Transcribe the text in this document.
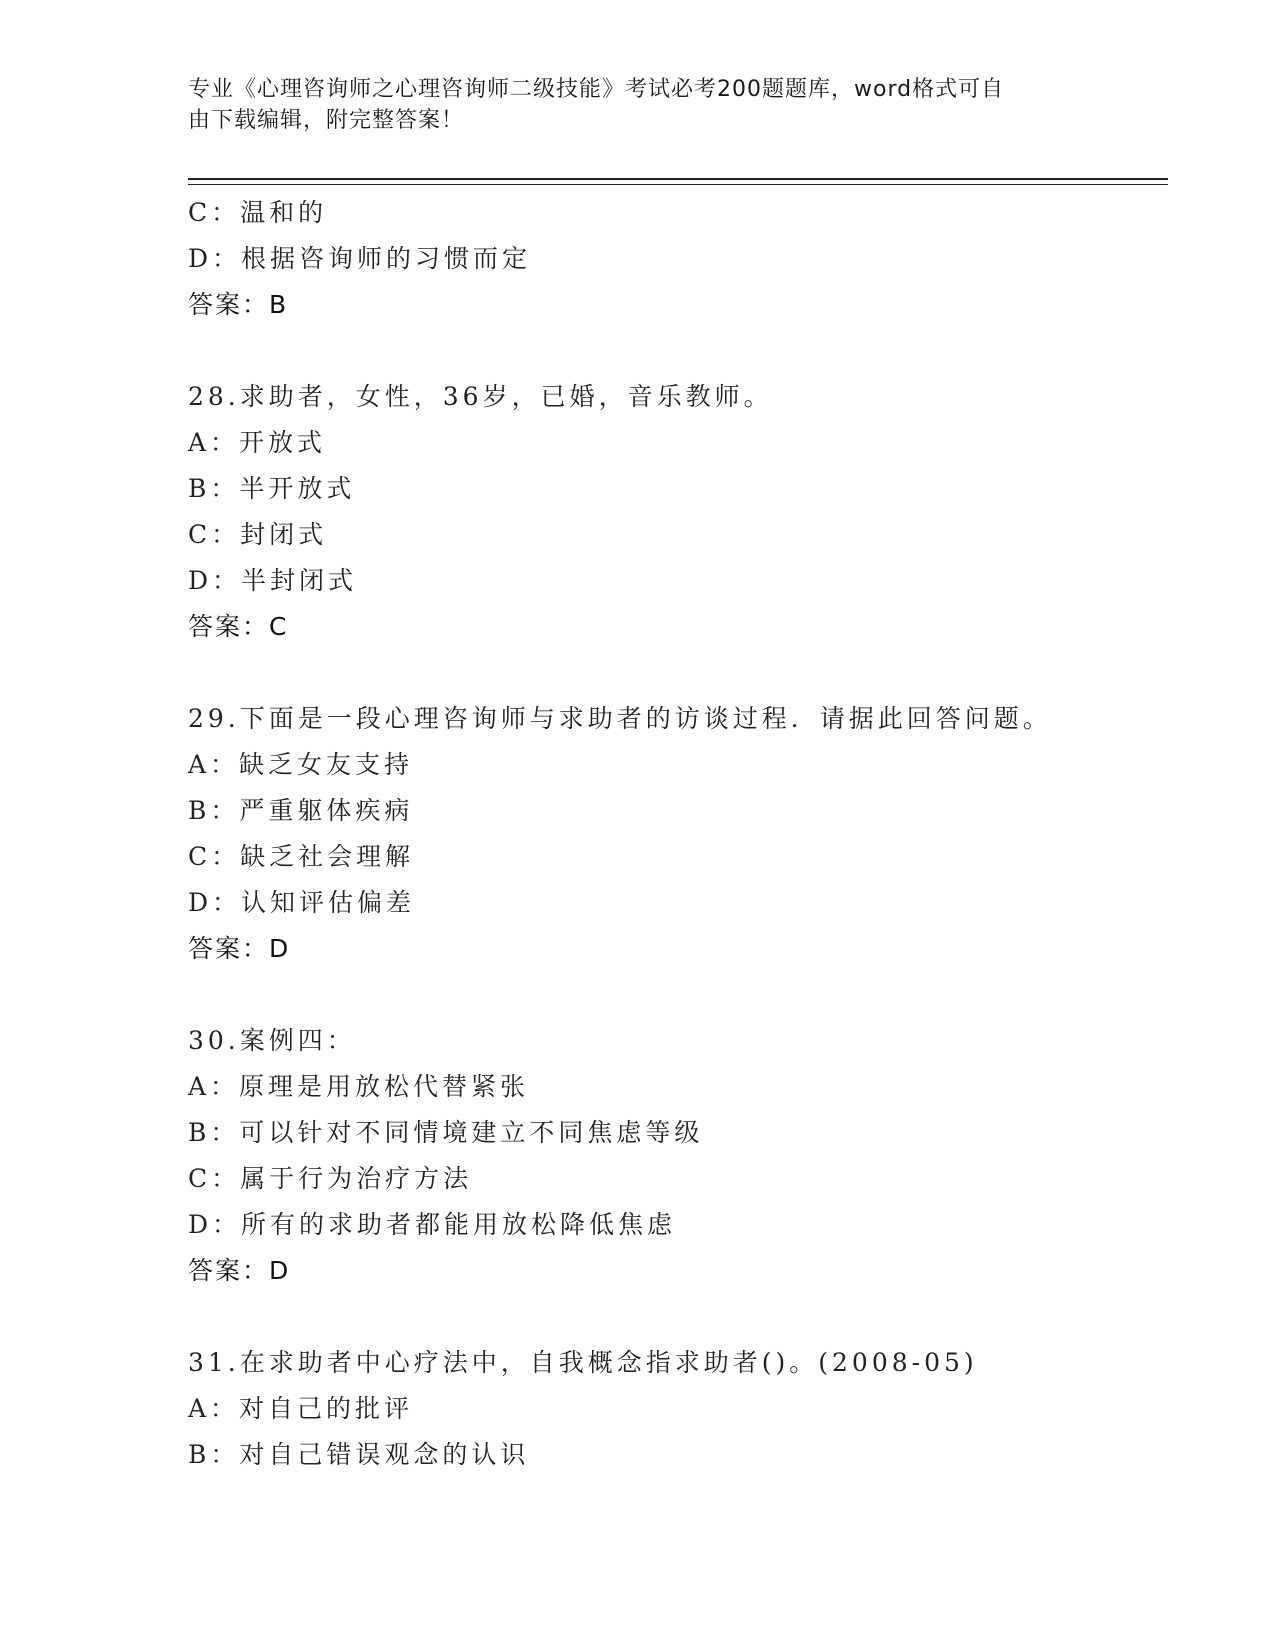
专业《心理咨询师之心理咨询师二级技能》考试必考200题题库，word格式可自
由下载编辑，附完整答案！
C：温和的
D：根据咨询师的习惯而定
答案：B
28.求助者，女性，36岁，已婚，音乐教师。
A：开放式
B：半开放式
C：封闭式
D：半封闭式
答案：C
29.下面是一段心理咨询师与求助者的访谈过程．请据此回答问题。
A：缺乏女友支持
B：严重躯体疾病
C：缺乏社会理解
D：认知评估偏差
答案：D
30.案例四：
A：原理是用放松代替紧张
B：可以针对不同情境建立不同焦虑等级
C：属于行为治疗方法
D：所有的求助者都能用放松降低焦虑
答案：D
31.在求助者中心疗法中，自我概念指求助者()。(2008-05)
A：对自己的批评
B：对自己错误观念的认识
